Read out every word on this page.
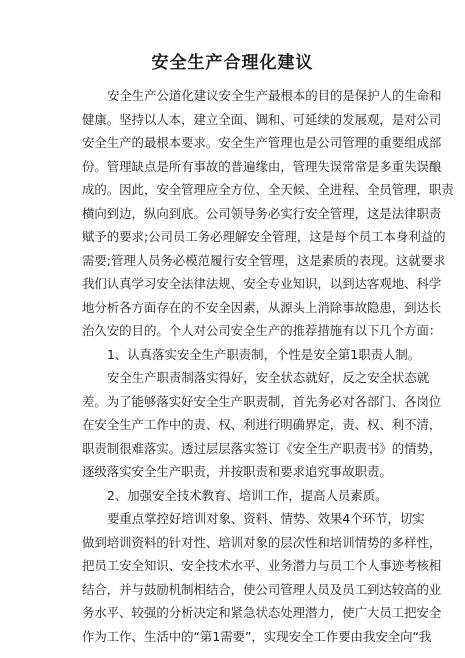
安全生产合理化建议
安全生产公道化建议安全生产最根本的目的是保护人的生命和
健康。坚持以人本，建立全面、调和、可延续的发展观，是对公司
安全生产的最根本要求。安全生产管理也是公司管理的重要组成部
份。管理缺点是所有事故的普遍缘由，管理失误常常是多重失误酿
成的。因此，安全管理应全方位、全天候、全进程、全员管理，职责
横向到边，纵向到底。公司领导务必实行安全管理，这是法律职责
赋予的要求;公司员工务必理解安全管理，这是每个员工本身利益的
需要;管理人员务必模范履行安全管理，这是素质的表现。这就要求
我们认真学习安全法律法规、安全专业知识，以到达客观地、科学
地分析各方面存在的不安全因素，从源头上消除事故隐患，到达长
治久安的目的。个人对公司安全生产的推荐措施有以下几个方面：
1、认真落实安全生产职责制，个性是安全第1职责人制。
安全生产职责制落实得好，安全状态就好，反之安全状态就
差。为了能够落实好安全生产职责制，首先务必对各部门、各岗位
在安全生产工作中的责、权、利进行明确界定，责、权、利不清，
职责制很难落实。透过层层落实签订《安全生产职责书》的情势，
逐级落实安全生产职责，并按职责和要求追究事故职责。
2、加强安全技术教育、培训工作，提高人员素质。
要重点掌控好培训对象、资料、情势、效果4个环节，切实
做到培训资料的针对性、培训对象的层次性和培训情势的多样性，
把员工安全知识、安全技术水平、业务潜力与员工个人事迹考核相
结合，并与鼓励机制相结合，使公司管理人员及员工到达较高的业
务水平、较强的分析决定和紧急状态处理潜力，使广大员工把安全
作为工作、生活中的“第1需要”，实现安全工作要由我安全向“我
